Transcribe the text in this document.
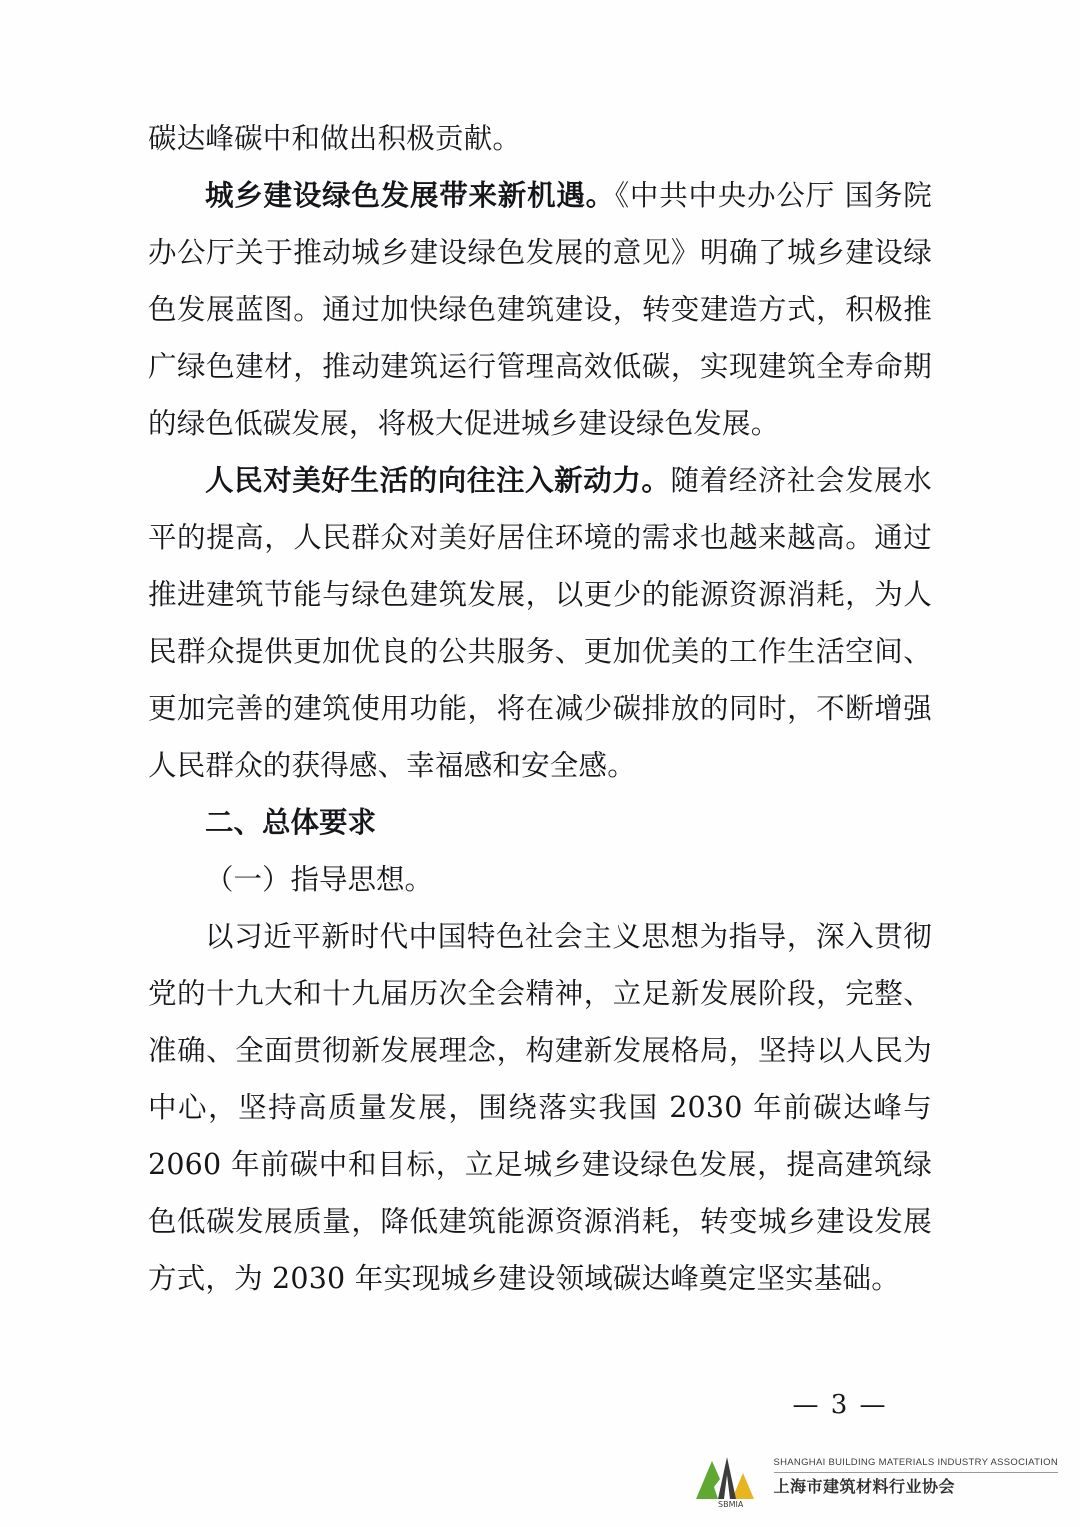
碳达峰碳中和做出积极贡献。

城乡建设绿色发展带来新机遇。《中共中央办公厅 国务院办公厅关于推动城乡建设绿色发展的意见》明确了城乡建设绿色发展蓝图。通过加快绿色建筑建设，转变建造方式，积极推广绿色建材，推动建筑运行管理高效低碳，实现建筑全寿命期的绿色低碳发展，将极大促进城乡建设绿色发展。

人民对美好生活的向往注入新动力。随着经济社会发展水平的提高，人民群众对美好居住环境的需求也越来越高。通过推进建筑节能与绿色建筑发展，以更少的能源资源消耗，为人民群众提供更加优良的公共服务、更加优美的工作生活空间、更加完善的建筑使用功能，将在减少碳排放的同时，不断增强人民群众的获得感、幸福感和安全感。

二、总体要求

（一）指导思想。

以习近平新时代中国特色社会主义思想为指导，深入贯彻党的十九大和十九届历次全会精神，立足新发展阶段，完整、准确、全面贯彻新发展理念，构建新发展格局，坚持以人民为中心，坚持高质量发展，围绕落实我国 2030 年前碳达峰与 2060 年前碳中和目标，立足城乡建设绿色发展，提高建筑绿色低碳发展质量，降低建筑能源资源消耗，转变城乡建设发展方式，为 2030 年实现城乡建设领域碳达峰奠定坚实基础。

— 3 —
SBMIA
SHANGHAI BUILDING MATERIALS INDUSTRY ASSOCIATION
上海市建筑材料行业协会
